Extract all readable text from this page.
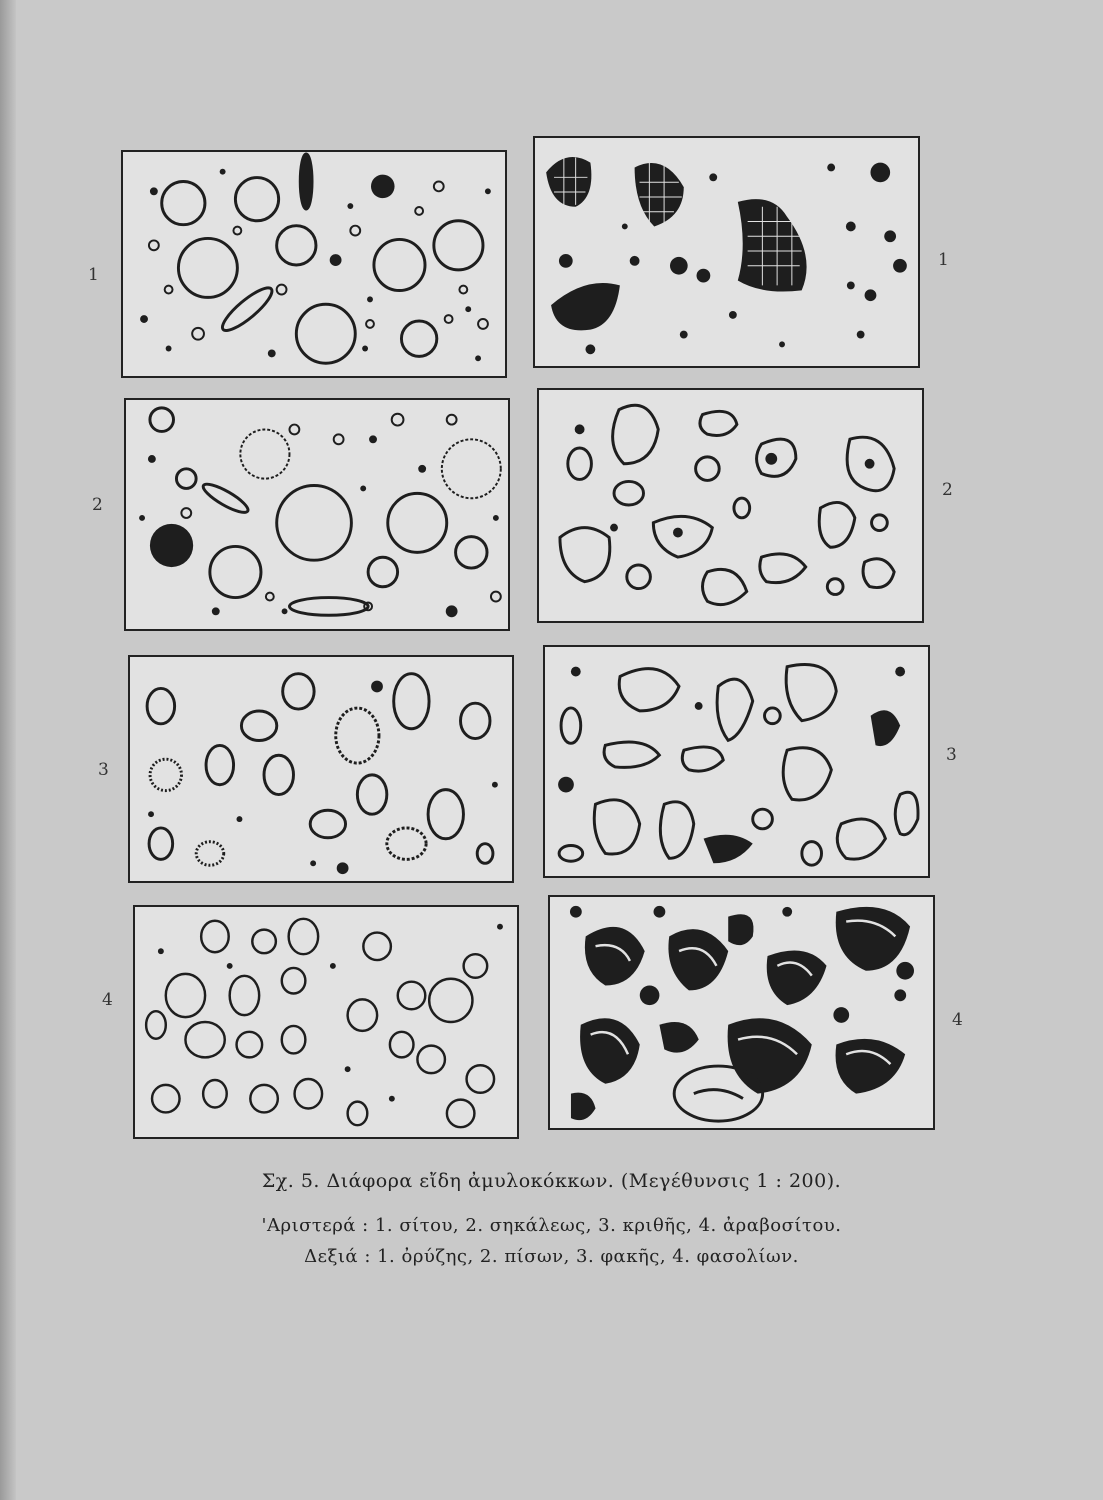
1
2
3
4
1
2
3
4
Σχ. 5. Διάφορα εἴδη ἀμυλοκόκκων. (Μεγέθυνσις 1 : 200).
'Αριστερά : 1. σίτου, 2. σηκάλεως, 3. κριθῆς, 4. ἀραβοσίτου.
Δεξιά : 1. ὀρύζης, 2. πίσων, 3. φακῆς, 4. φασολίων.
